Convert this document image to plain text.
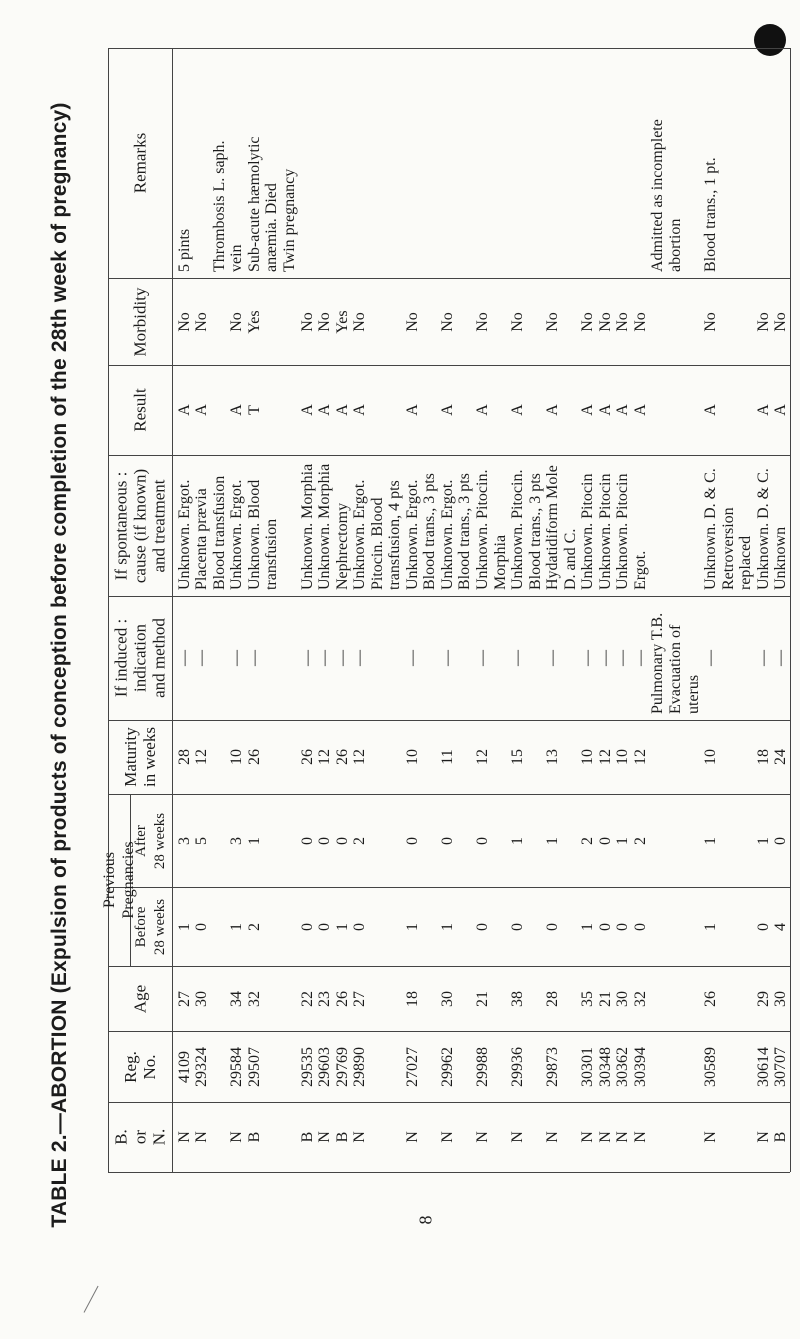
TABLE 2.—ABORTION (Expulsion of products of conception before completion of the 28th week of pregnancy)	8
B. or N.
Reg. No.
Age
Maturity in weeks
If induced : indication and method
If spontaneous : cause (if known) and treatment
Result
Morbidity
Remarks
Previous Pregnancies
Before 28 weeks
After 28 weeks
N
4109
27
1
3
28
—
Unknown. Ergot.
A
No
5 pints
N
29324
30
0
5
12
—
Placenta prævia
A
No
Blood transfusion
Thrombosis L. saph.
N
29584
34
1
3
10
—
Unknown. Ergot.
A
No
vein
B
29507
32
2
1
26
—
Unknown. Blood
T
Yes
Sub-acute hæmolytic
transfusion
anæmia. Died Twin pregnancy
B
29535
22
0
0
26
—
Unknown. Morphia
A
No
N
29603
23
0
0
12
—
Unknown. Morphia
A
No
B
29769
26
1
0
26
—
Nephrectomy
A
Yes
N
29890
27
0
2
12
—
Unknown. Ergot.
A
No
Pitocin. Blood transfusion, 4 pts
N
27027
18
1
0
10
—
Unknown. Ergot.
A
No
Blood trans., 3 pts
N
29962
30
1
0
11
—
Unknown. Ergot.
A
No
Blood trans., 3 pts
N
29988
21
0
0
12
—
Unknown. Pitocin.
A
No
Morphia
N
29936
38
0
1
15
—
Unknown. Pitocin.
A
No
Blood trans., 3 pts
N
29873
28
0
1
13
—
Hydatidiform Mole
A
No
D. and C.
N
30301
35
1
2
10
—
Unknown. Pitocin
A
No
N
30348
21
0
0
12
—
Unknown. Pitocin
A
No
N
30362
30
0
1
10
—
Unknown. Pitocin
A
No
N
30394
32
0
2
12
—
Ergot.
A
No
Pulmonary T.B.
Admitted as incomplete
Evacuation of
abortion
uterus
N
30589
26
1
1
10
—
Unknown. D. & C.
A
No
Blood trans., 1 pt.
Retroversion replaced
N
30614
29
0
1
18
—
Unknown. D. & C.
A
No
B
30707
30
4
0
24
—
Unknown
A
No
